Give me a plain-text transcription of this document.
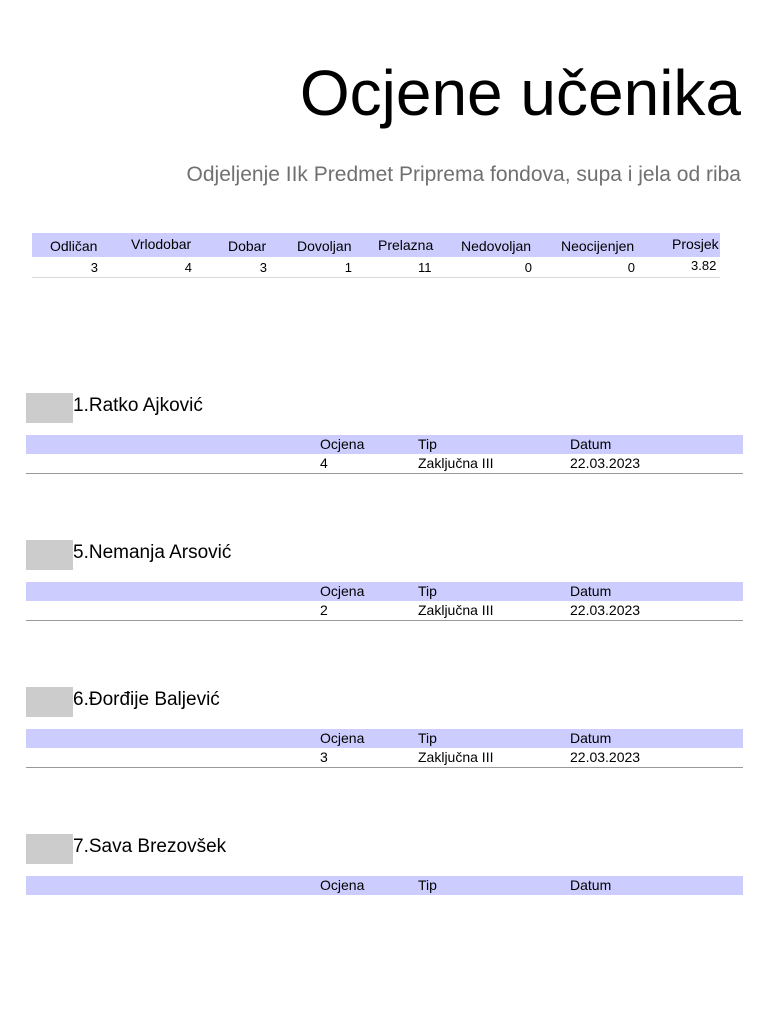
Ocjene učenika

Odjeljenje IIk Predmet Priprema fondova, supa i jela od riba

Odličan Vrlodobar	Dobar Dovoljan Prelazna Nedovoljan Neocijenjen	Prosjek
3	4	3	1	11	0	0	3.82
1.Ratko Ajković
Ocjena	Tip	Datum
4	Zaključna III	22.03.2023
5.Nemanja Arsović
Ocjena	Tip	Datum
2	Zaključna III	22.03.2023
6.Đorđije Baljević
Ocjena	Tip	Datum
3	Zaključna III	22.03.2023
7.Sava Brezovšek
Ocjena	Tip	Datum
